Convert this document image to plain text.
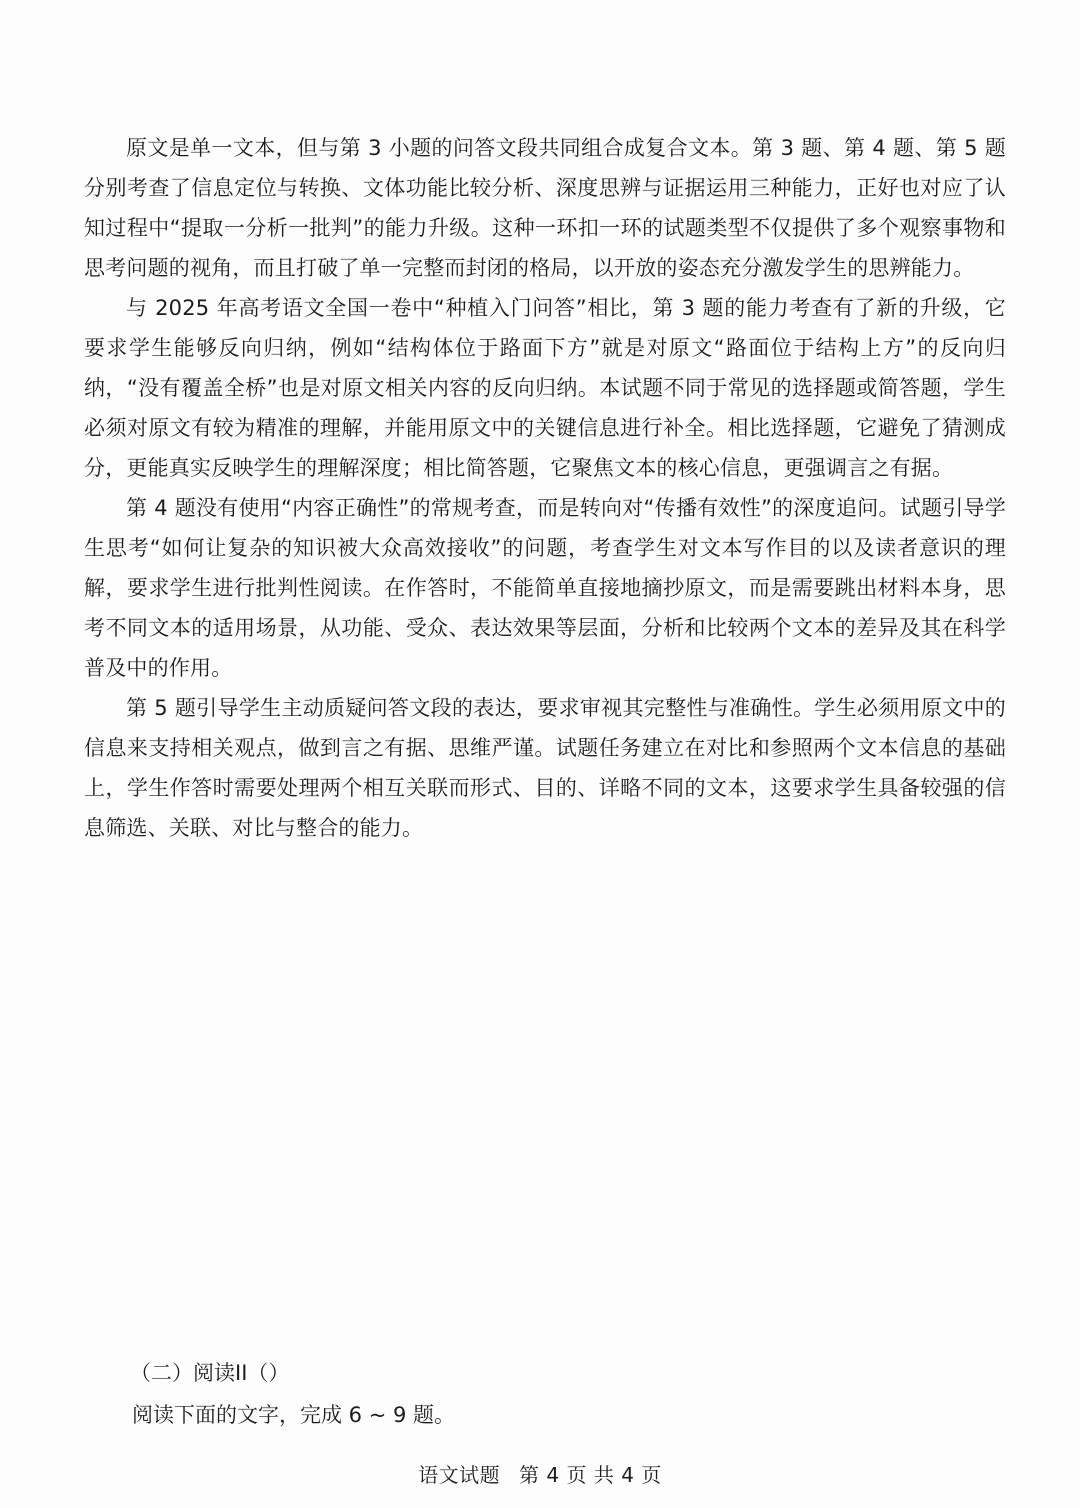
原文是单一文本，但与第 3 小题的问答文段共同组合成复合文本。第 3 题、第 4 题、第 5 题分别考查了信息定位与转换、文体功能比较分析、深度思辨与证据运用三种能力，正好也对应了认知过程中“提取一分析一批判”的能力升级。这种一环扣一环的试题类型不仅提供了多个观察事物和思考问题的视角，而且打破了单一完整而封闭的格局，以开放的姿态充分激发学生的思辨能力。

与 2025 年高考语文全国一卷中“种植入门问答”相比，第 3 题的能力考查有了新的升级，它要求学生能够反向归纳，例如“结构体位于路面下方”就是对原文“路面位于结构上方”的反向归纳，“没有覆盖全桥”也是对原文相关内容的反向归纳。本试题不同于常见的选择题或简答题，学生必须对原文有较为精准的理解，并能用原文中的关键信息进行补全。相比选择题，它避免了猜测成分，更能真实反映学生的理解深度；相比简答题，它聚焦文本的核心信息，更强调言之有据。

第 4 题没有使用“内容正确性”的常规考查，而是转向对“传播有效性”的深度追问。试题引导学生思考“如何让复杂的知识被大众高效接收”的问题，考查学生对文本写作目的以及读者意识的理解，要求学生进行批判性阅读。在作答时，不能简单直接地摘抄原文，而是需要跳出材料本身，思考不同文本的适用场景，从功能、受众、表达效果等层面，分析和比较两个文本的差异及其在科学普及中的作用。

第 5 题引导学生主动质疑问答文段的表达，要求审视其完整性与准确性。学生必须用原文中的信息来支持相关观点，做到言之有据、思维严谨。试题任务建立在对比和参照两个文本信息的基础上，学生作答时需要处理两个相互关联而形式、目的、详略不同的文本，这要求学生具备较强的信息筛选、关联、对比与整合的能力。

（二）阅读II（）

阅读下面的文字，完成 6 ~ 9 题。

语文试题 第 4 页 共 4 页
